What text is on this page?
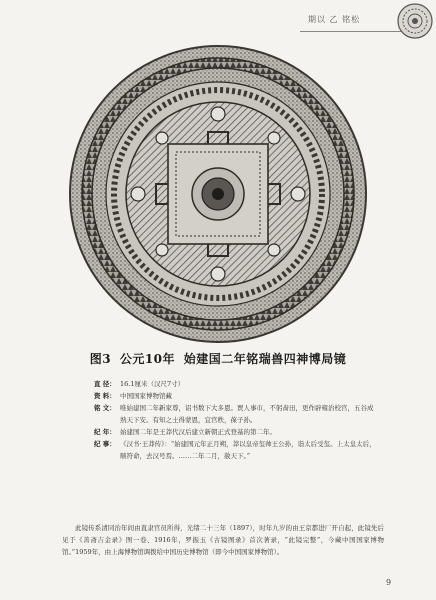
期以 乙 铭松
图3 公元10年 始建国二年铭瑞兽四神博局镜
直 径： 16.1厘米（汉尺7寸）
资 料： 中国国家博物馆藏
铭 文： 唯始建国二年新家尊，诏书数下大多恩。贾人事市，不躬啬田，更作辟雍治校官，五谷成熟天下安。有知之士得蒙恩，宜官秩，葆子孙。
纪 年： 始建国二年是王莽代汉后建立新朝正式登基的第二年。
纪 事： 《汉书·王莽传》：“始建国元年正月朔，莽以皇帝玺帅王公孙，诣太后受玺。上太皇太后，顺符命，去汉号焉。……二年二月，赦天下。”

此镜传系清同治年间由直隶官员所得，光绪二十三年（1897），时年九岁的由王京都进厂开自起，此镜先后见于《善斋吉金录》图一卷、1916年，罗振玉《古镜图录》首次著录，“此镜完整”，今藏中国国家博物馆。”1959年，由上海博物馆调拨给中国历史博物馆（即今中国国家博物馆）。

9
